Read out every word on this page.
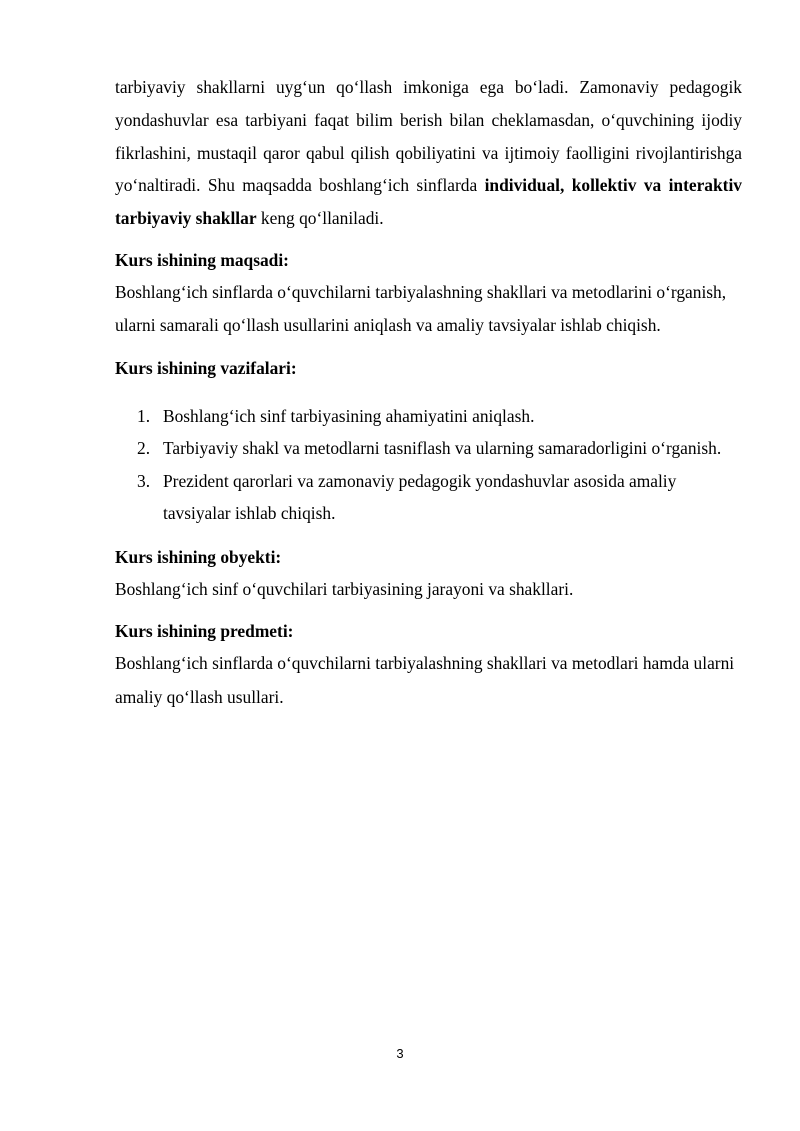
tarbiyaviy shakllarni uyg‘un qo‘llash imkoniga ega bo‘ladi. Zamonaviy pedagogik yondashuvlar esa tarbiyani faqat bilim berish bilan cheklamasdan, o‘quvchining ijodiy fikrlashini, mustaqil qaror qabul qilish qobiliyatini va ijtimoiy faolligini rivojlantirishga yo‘naltiradi. Shu maqsadda boshlang‘ich sinflarda individual, kollektiv va interaktiv tarbiyaviy shakllar keng qo‘llaniladi.

Kurs ishining maqsadi:

Boshlang‘ich sinflarda o‘quvchilarni tarbiyalashning shakllari va metodlarini o‘rganish, ularni samarali qo‘llash usullarini aniqlash va amaliy tavsiyalar ishlab chiqish.

Kurs ishining vazifalari:

1. Boshlang‘ich sinf tarbiyasining ahamiyatini aniqlash.
2. Tarbiyaviy shakl va metodlarni tasniflash va ularning samaradorligini o‘rganish.
3. Prezident qarorlari va zamonaviy pedagogik yondashuvlar asosida amaliy tavsiyalar ishlab chiqish.

Kurs ishining obyekti:

Boshlang‘ich sinf o‘quvchilari tarbiyasining jarayoni va shakllari.

Kurs ishining predmeti:

Boshlang‘ich sinflarda o‘quvchilarni tarbiyalashning shakllari va metodlari hamda ularni amaliy qo‘llash usullari.

3
